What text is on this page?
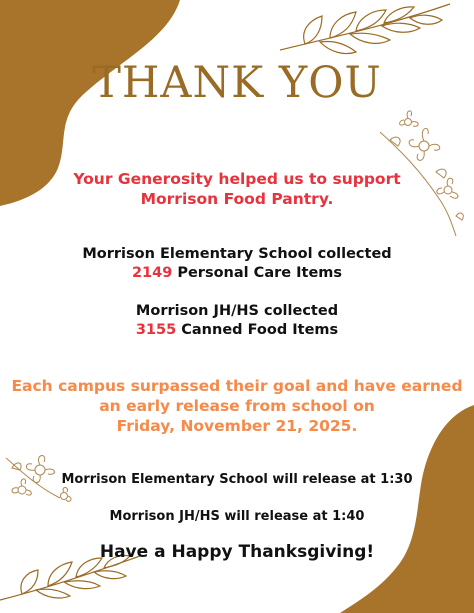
THANK YOU

Your Generosity helped us to support

Morrison Food Pantry.

Morrison Elementary School collected

2149 Personal Care Items

Morrison JH/HS collected

3155 Canned Food Items

Each campus surpassed their goal and have earned

an early release from school on

Friday, November 21, 2025.

Morrison Elementary School will release at 1:30

Morrison JH/HS will release at 1:40

Have a Happy Thanksgiving!
